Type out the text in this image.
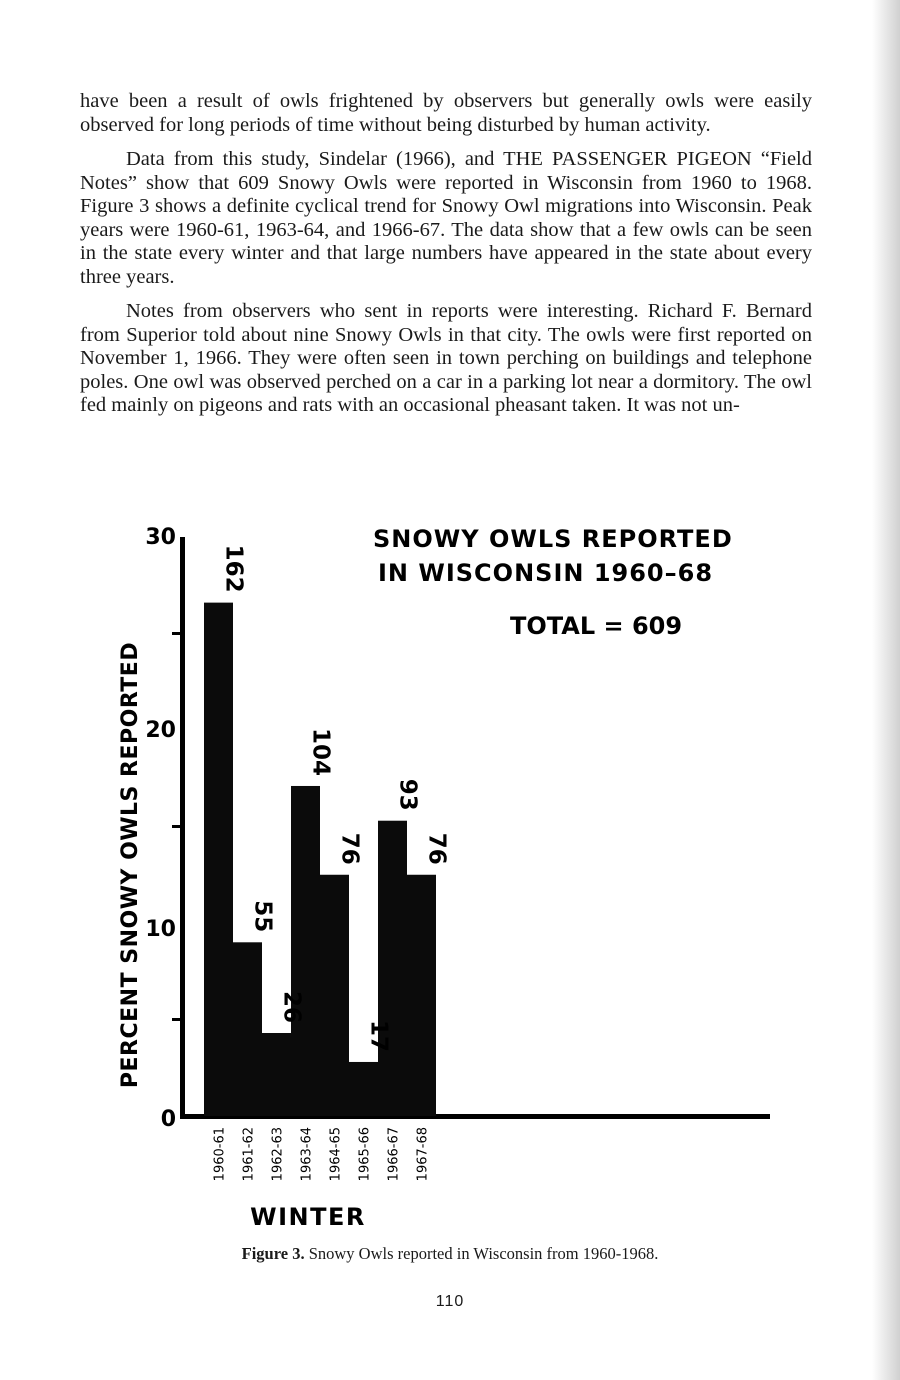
have been a result of owls frightened by observers but generally owls were easily observed for long periods of time without being disturbed by human activity.

Data from this study, Sindelar (1966), and THE PASSENGER PIGEON “Field Notes” show that 609 Snowy Owls were reported in Wisconsin from 1960 to 1968. Figure 3 shows a definite cyclical trend for Snowy Owl migrations into Wisconsin. Peak years were 1960-61, 1963-64, and 1966-67. The data show that a few owls can be seen in the state every winter and that large numbers have appeared in the state about every three years.

Notes from observers who sent in reports were interesting. Richard F. Bernard from Superior told about nine Snowy Owls in that city. The owls were first reported on November 1, 1966. They were often seen in town perching on buildings and telephone poles. One owl was observed perched on a car in a parking lot near a dormitory. The owl fed mainly on pigeons and rats with an occasional pheasant taken. It was not un-

PERCENT SNOWY OWLS REPORTED
SNOWY OWLS REPORTED
IN WISCONSIN 1960–68
TOTAL = 609
0
10
20
30
162
55
26
104
76
17
93
76
1960-61 1961-62 1962-63 1963-64 1964-65 1965-66 1966-67 1967-68
WINTER
Figure 3. Snowy Owls reported in Wisconsin from 1960-1968.
110
